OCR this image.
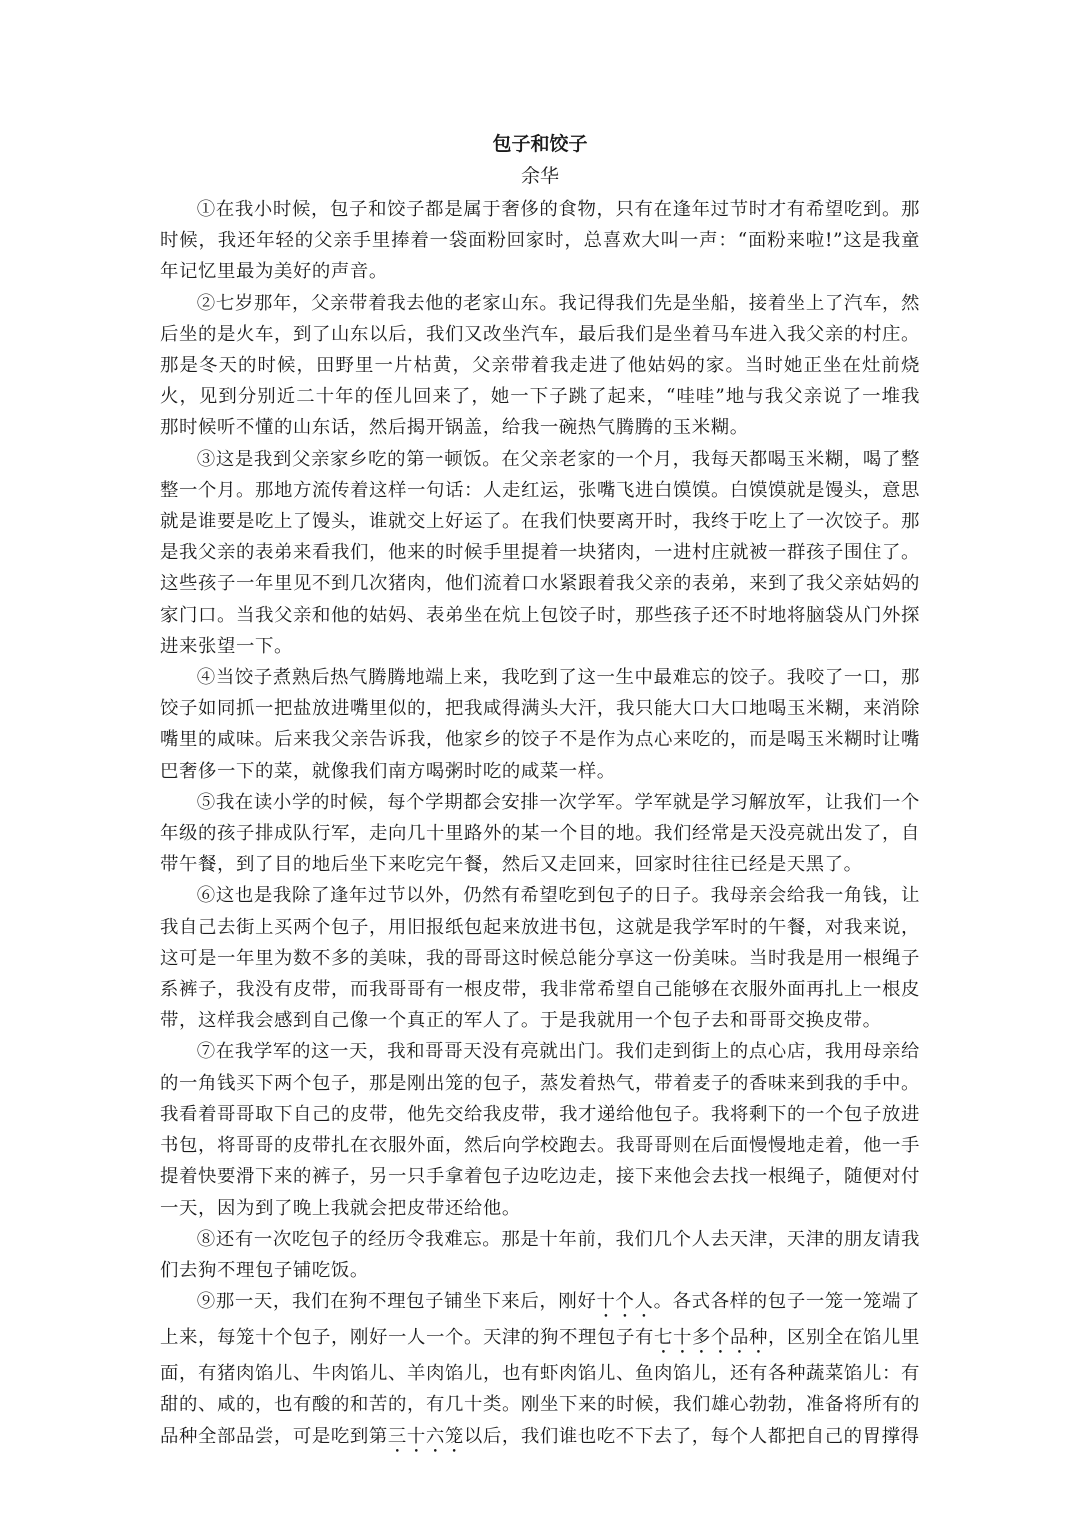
包子和饺子

余华

①在我小时候，包子和饺子都是属于奢侈的食物，只有在逢年过节时才有希望吃到。那时候，我还年轻的父亲手里捧着一袋面粉回家时，总喜欢大叫一声：“面粉来啦!”这是我童年记忆里最为美好的声音。

②七岁那年，父亲带着我去他的老家山东。我记得我们先是坐船，接着坐上了汽车，然后坐的是火车，到了山东以后，我们又改坐汽车，最后我们是坐着马车进入我父亲的村庄。那是冬天的时候，田野里一片枯黄，父亲带着我走进了他姑妈的家。当时她正坐在灶前烧火，见到分别近二十年的侄儿回来了，她一下子跳了起来，“哇哇”地与我父亲说了一堆我那时候听不懂的山东话，然后揭开锅盖，给我一碗热气腾腾的玉米糊。

③这是我到父亲家乡吃的第一顿饭。在父亲老家的一个月，我每天都喝玉米糊，喝了整整一个月。那地方流传着这样一句话：人走红运，张嘴飞进白馍馍。白馍馍就是馒头，意思就是谁要是吃上了馒头，谁就交上好运了。在我们快要离开时，我终于吃上了一次饺子。那是我父亲的表弟来看我们，他来的时候手里提着一块猪肉，一进村庄就被一群孩子围住了。这些孩子一年里见不到几次猪肉，他们流着口水紧跟着我父亲的表弟，来到了我父亲姑妈的家门口。当我父亲和他的姑妈、表弟坐在炕上包饺子时，那些孩子还不时地将脑袋从门外探进来张望一下。

④当饺子煮熟后热气腾腾地端上来，我吃到了这一生中最难忘的饺子。我咬了一口，那饺子如同抓一把盐放进嘴里似的，把我咸得满头大汗，我只能大口大口地喝玉米糊，来消除嘴里的咸味。后来我父亲告诉我，他家乡的饺子不是作为点心来吃的，而是喝玉米糊时让嘴巴奢侈一下的菜，就像我们南方喝粥时吃的咸菜一样。

⑤我在读小学的时候，每个学期都会安排一次学军。学军就是学习解放军，让我们一个年级的孩子排成队行军，走向几十里路外的某一个目的地。我们经常是天没亮就出发了，自带午餐，到了目的地后坐下来吃完午餐，然后又走回来，回家时往往已经是天黑了。

⑥这也是我除了逢年过节以外，仍然有希望吃到包子的日子。我母亲会给我一角钱，让我自己去街上买两个包子，用旧报纸包起来放进书包，这就是我学军时的午餐，对我来说，这可是一年里为数不多的美味，我的哥哥这时候总能分享这一份美味。当时我是用一根绳子系裤子，我没有皮带，而我哥哥有一根皮带，我非常希望自己能够在衣服外面再扎上一根皮带，这样我会感到自己像一个真正的军人了。于是我就用一个包子去和哥哥交换皮带。

⑦在我学军的这一天，我和哥哥天没有亮就出门。我们走到街上的点心店，我用母亲给的一角钱买下两个包子，那是刚出笼的包子，蒸发着热气，带着麦子的香味来到我的手中。我看着哥哥取下自己的皮带，他先交给我皮带，我才递给他包子。我将剩下的一个包子放进书包，将哥哥的皮带扎在衣服外面，然后向学校跑去。我哥哥则在后面慢慢地走着，他一手提着快要滑下来的裤子，另一只手拿着包子边吃边走，接下来他会去找一根绳子，随便对付一天，因为到了晚上我就会把皮带还给他。

⑧还有一次吃包子的经历令我难忘。那是十年前，我们几个人去天津，天津的朋友请我们去狗不理包子铺吃饭。

⑨那一天，我们在狗不理包子铺坐下来后，刚好十个人。各式各样的包子一笼一笼端了上来，每笼十个包子，刚好一人一个。天津的狗不理包子有七十多个品种，区别全在馅儿里面，有猪肉馅儿、牛肉馅儿、羊肉馅儿，也有虾肉馅儿、鱼肉馅儿，还有各种蔬菜馅儿：有甜的、咸的，也有酸的和苦的，有几十类。刚坐下来的时候，我们雄心勃勃，准备将所有的品种全部品尝，可是吃到第三十六笼以后，我们谁也吃不下去了，每个人都把自己的胃撑得
